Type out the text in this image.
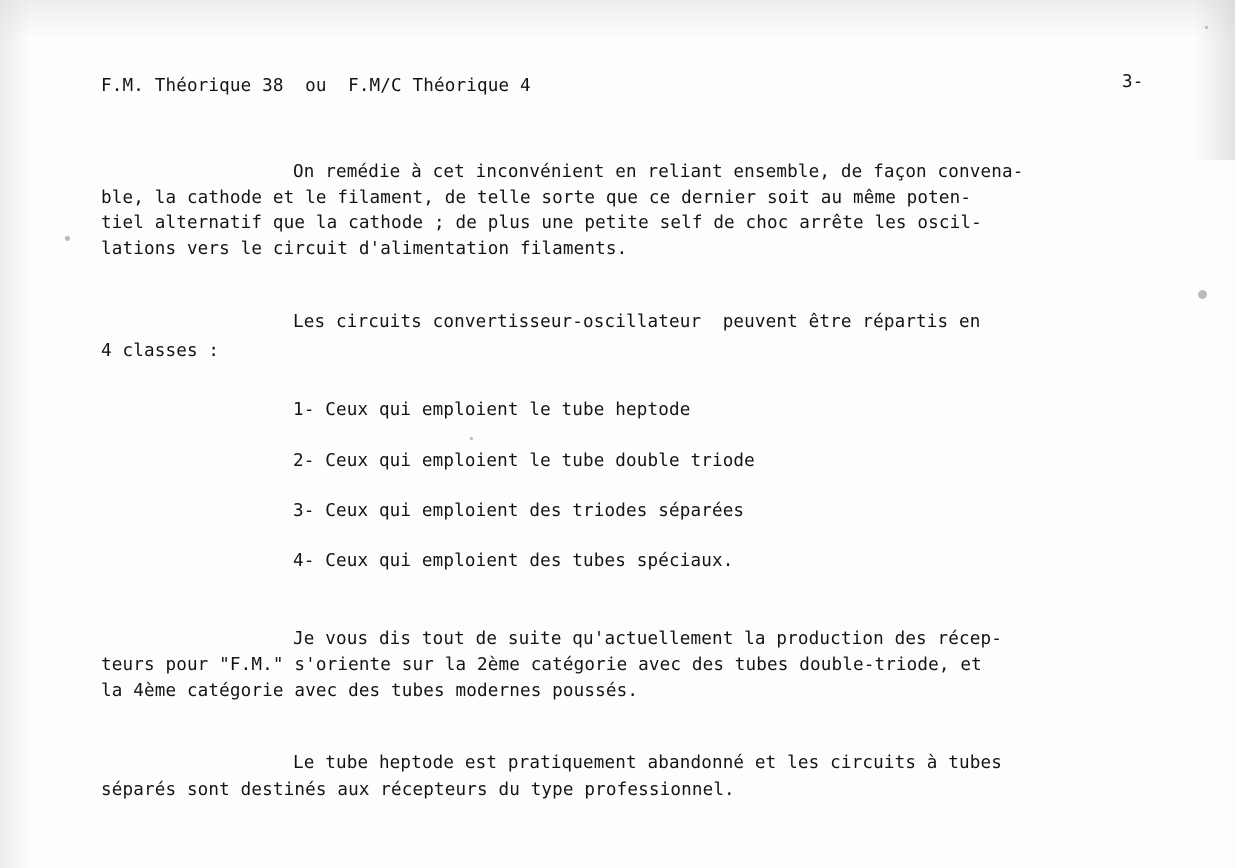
F.M. Théorique 38  ou  F.M/C Théorique 4	3-
On remédie à cet inconvénient en reliant ensemble, de façon convena-
ble, la cathode et le filament, de telle sorte que ce dernier soit au même poten-
tiel alternatif que la cathode ; de plus une petite self de choc arrête les oscil-
lations vers le circuit d'alimentation filaments.
Les circuits convertisseur-oscillateur  peuvent être répartis en
4 classes :
1- Ceux qui emploient le tube heptode
2- Ceux qui emploient le tube double triode
3- Ceux qui emploient des triodes séparées
4- Ceux qui emploient des tubes spéciaux.
Je vous dis tout de suite qu'actuellement la production des récep-
teurs pour "F.M." s'oriente sur la 2ème catégorie avec des tubes double-triode, et
la 4ème catégorie avec des tubes modernes poussés.
Le tube heptode est pratiquement abandonné et les circuits à tubes
séparés sont destinés aux récepteurs du type professionnel.
